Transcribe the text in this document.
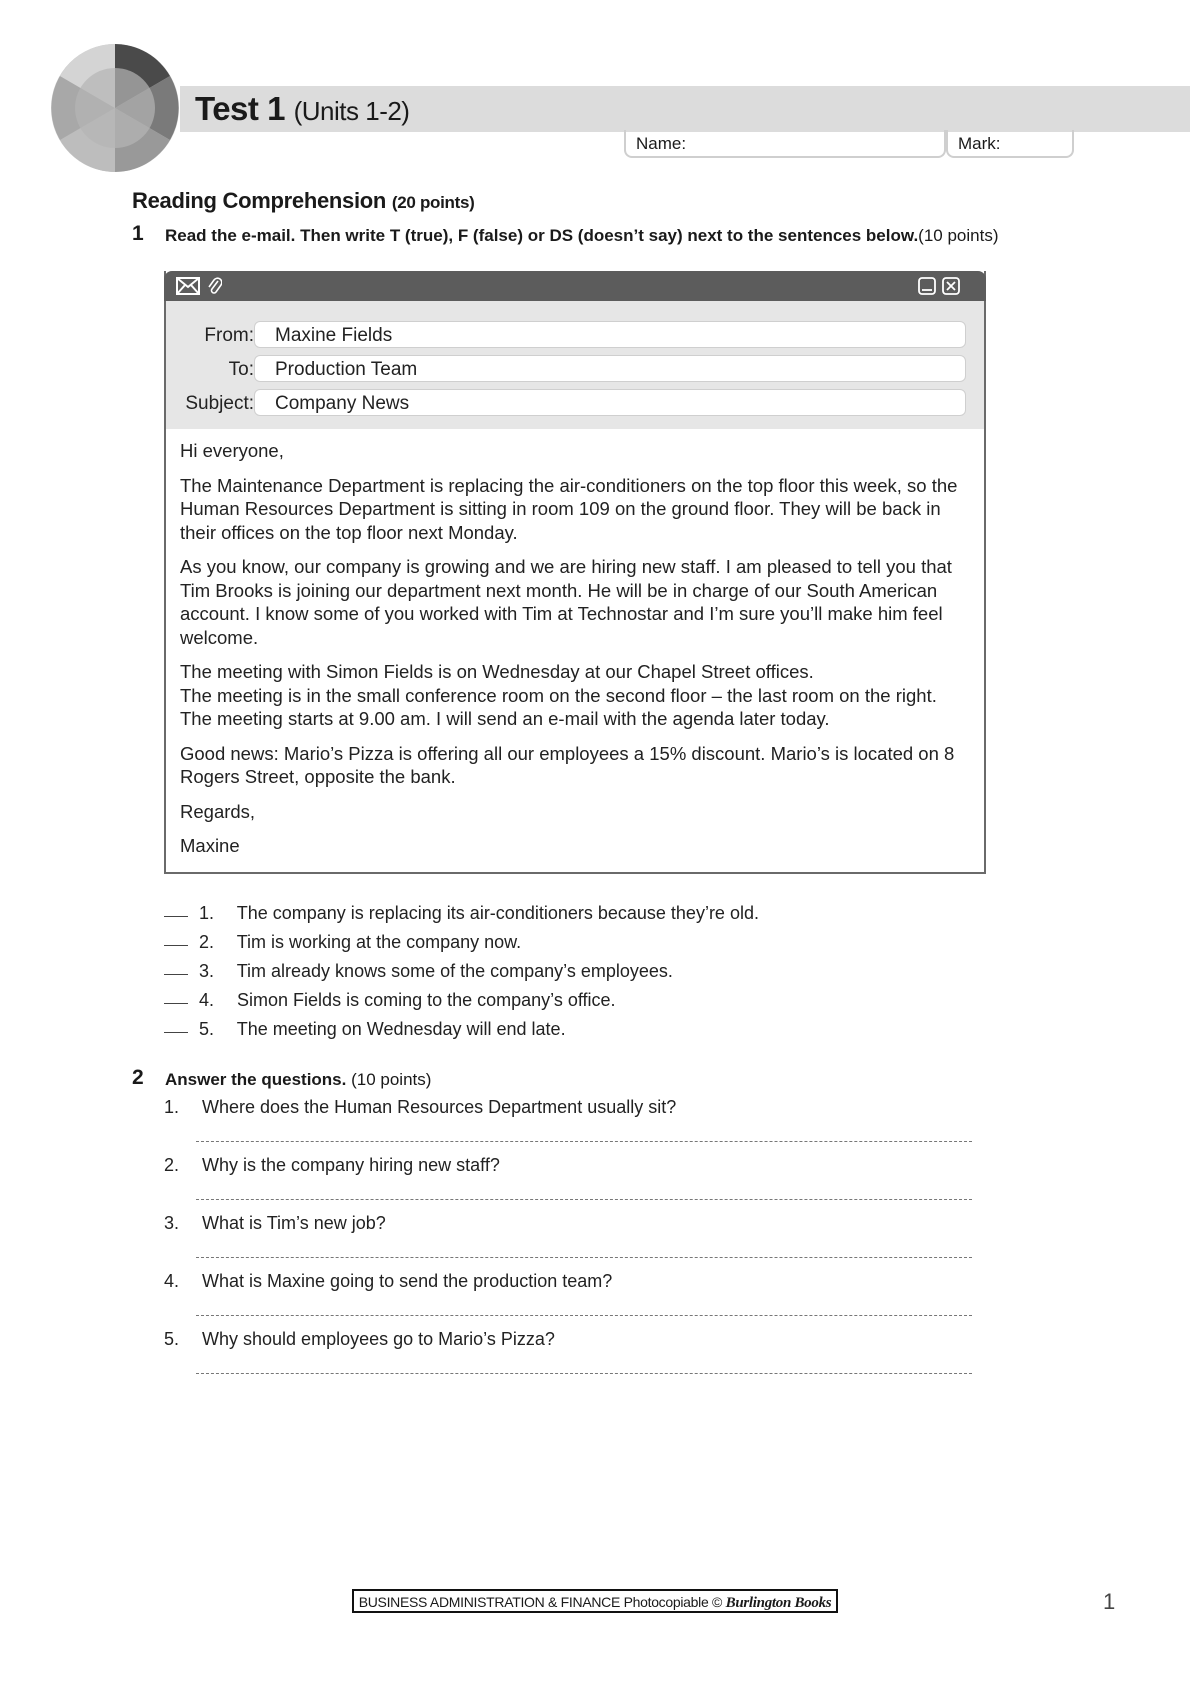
Test 1 (Units 1-2)
Name:	Mark:
Reading Comprehension (20 points)
1 Read the e-mail. Then write T (true), F (false) or DS (doesn’t say) next to the sentences below.(10 points)
From:	Maxine Fields
To:	Production Team
Subject:	Company News

Hi everyone,

The Maintenance Department is replacing the air-conditioners on the top floor this week, so the Human Resources Department is sitting in room 109 on the ground floor. They will be back in their offices on the top floor next Monday.

As you know, our company is growing and we are hiring new staff. I am pleased to tell you that Tim Brooks is joining our department next month. He will be in charge of our South American account. I know some of you worked with Tim at Technostar and I’m sure you’ll make him feel welcome.

The meeting with Simon Fields is on Wednesday at our Chapel Street offices.

The meeting is in the small conference room on the second floor – the last room on the right. The meeting starts at 9.00 am. I will send an e-mail with the agenda later today.

Good news: Mario’s Pizza is offering all our employees a 15% discount. Mario’s is located on 8 Rogers Street, opposite the bank.

Regards,

Maxine

1. The company is replacing its air-conditioners because they’re old.
2. Tim is working at the company now.
3. Tim already knows some of the company’s employees.
4. Simon Fields is coming to the company’s office.
5. The meeting on Wednesday will end late.
2 Answer the questions. (10 points)
1. Where does the Human Resources Department usually sit?
2. Why is the company hiring new staff?
3. What is Tim’s new job?
4. What is Maxine going to send the production team?
5. Why should employees go to Mario’s Pizza?
BUSINESS ADMINISTRATION & FINANCE Photocopiable © Burlington Books	1
